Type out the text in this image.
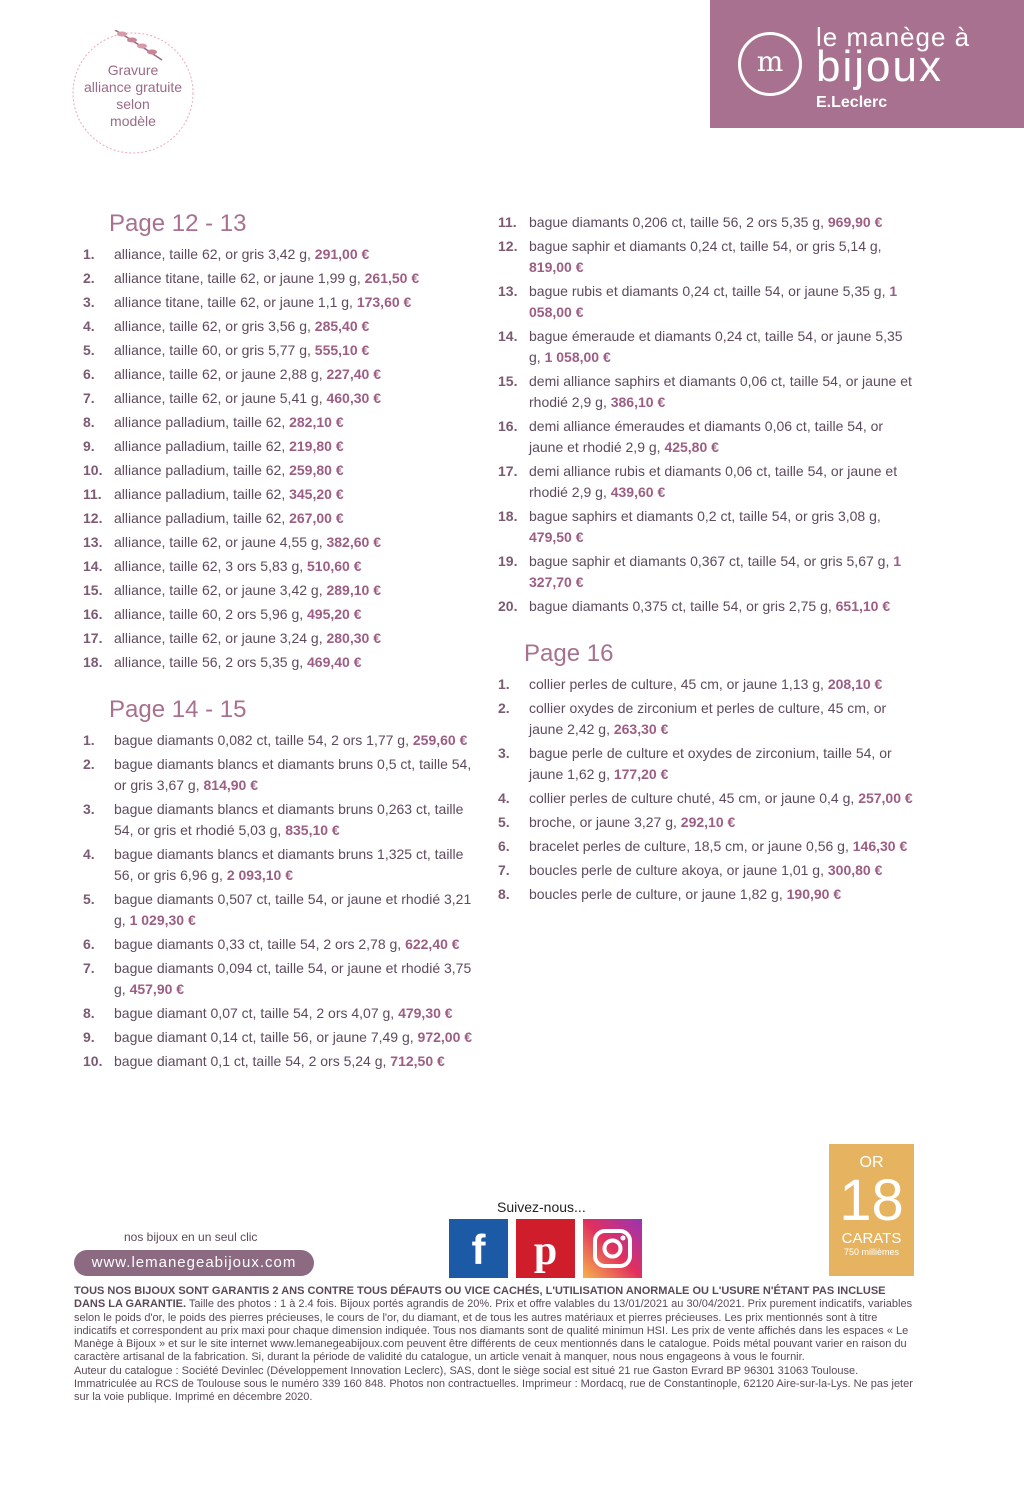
Gravure
alliance gratuite
selon
modèle
m
le manège à
bijoux
E.Leclerc
Page 12 - 13
1.	alliance, taille 62, or gris 3,42 g, 291,00 €
2.	alliance titane, taille 62, or jaune 1,99 g, 261,50 €
3.	alliance titane, taille 62, or jaune 1,1 g, 173,60 €
4.	alliance, taille 62, or gris 3,56 g, 285,40 €
5.	alliance, taille 60, or gris 5,77 g, 555,10 €
6.	alliance, taille 62, or jaune 2,88 g, 227,40 €
7.	alliance, taille 62, or jaune 5,41 g, 460,30 €
8.	alliance palladium, taille 62, 282,10 €
9.	alliance palladium, taille 62, 219,80 €
10. alliance palladium, taille 62, 259,80 €
11. alliance palladium, taille 62, 345,20 €
12. alliance palladium, taille 62, 267,00 €
13. alliance, taille 62, or jaune 4,55 g, 382,60 €
14. alliance, taille 62, 3 ors 5,83 g, 510,60 €
15. alliance, taille 62, or jaune 3,42 g, 289,10 €
16. alliance, taille 60, 2 ors 5,96 g, 495,20 €
17. alliance, taille 62, or jaune 3,24 g, 280,30 €
18. alliance, taille 56, 2 ors 5,35 g, 469,40 €
Page 14 - 15
1.	bague diamants 0,082 ct, taille 54, 2 ors 1,77 g, 259,60 €
2.	bague diamants blancs et diamants bruns 0,5 ct, taille 54, or gris 3,67 g, 814,90 €
3.	bague diamants blancs et diamants bruns 0,263 ct, taille 54, or gris et rhodié 5,03 g, 835,10 €
4.	bague diamants blancs et diamants bruns 1,325 ct, taille 56, or gris 6,96 g, 2 093,10 €
5.	bague diamants 0,507 ct, taille 54, or jaune et rhodié 3,21 g, 1 029,30 €
6.	bague diamants 0,33 ct, taille 54, 2 ors 2,78 g, 622,40 €
7.	bague diamants 0,094 ct, taille 54, or jaune et rhodié 3,75 g, 457,90 €
8.	bague diamant 0,07 ct, taille 54, 2 ors 4,07 g, 479,30 €
9.	bague diamant 0,14 ct, taille 56, or jaune 7,49 g, 972,00 €
10. bague diamant 0,1 ct, taille 54, 2 ors 5,24 g, 712,50 €
11. bague diamants 0,206 ct, taille 56, 2 ors 5,35 g, 969,90 €
12. bague saphir et diamants 0,24 ct, taille 54, or gris 5,14 g, 819,00 €
13. bague rubis et diamants 0,24 ct, taille 54, or jaune 5,35 g, 1 058,00 €
14. bague émeraude et diamants 0,24 ct, taille 54, or jaune 5,35 g, 1 058,00 €
15. demi alliance saphirs et diamants 0,06 ct, taille 54, or jaune et rhodié 2,9 g, 386,10 €
16. demi alliance émeraudes et diamants 0,06 ct, taille 54, or jaune et rhodié 2,9 g, 425,80 €
17. demi alliance rubis et diamants 0,06 ct, taille 54, or jaune et rhodié 2,9 g, 439,60 €
18. bague saphirs et diamants 0,2 ct, taille 54, or gris 3,08 g, 479,50 €
19. bague saphir et diamants 0,367 ct, taille 54, or gris 5,67 g, 1 327,70 €
20. bague diamants 0,375 ct, taille 54, or gris 2,75 g, 651,10 €
Page 16
1.	collier perles de culture, 45 cm, or jaune 1,13 g, 208,10 €
2.	collier oxydes de zirconium et perles de culture, 45 cm, or jaune 2,42 g, 263,30 €
3.	bague perle de culture et oxydes de zirconium, taille 54, or jaune 1,62 g, 177,20 €
4.	collier perles de culture chuté, 45 cm, or jaune 0,4 g, 257,00 €
5.	broche, or jaune 3,27 g, 292,10 €
6.	bracelet perles de culture, 18,5 cm, or jaune 0,56 g, 146,30 €
7.	boucles perle de culture akoya, or jaune 1,01 g, 300,80 €
8.	boucles perle de culture, or jaune 1,82 g, 190,90 €
nos bijoux en un seul clic
www.lemanegeabijoux.com
Suivez-nous...
f p
OR
18
CARATS
750 millièmes
TOUS NOS BIJOUX SONT GARANTIS 2 ANS CONTRE TOUS DÉFAUTS OU VICE CACHÉS, L'UTILISATION ANORMALE OU L'USURE N'ÉTANT PAS INCLUSE DANS LA GARANTIE. Taille des photos : 1 à 2.4 fois. Bijoux portés agrandis de 20%. Prix et offre valables du 13/01/2021 au 30/04/2021. Prix purement indicatifs, variables selon le poids d'or, le poids des pierres précieuses, le cours de l'or, du diamant, et de tous les autres matériaux et pierres précieuses. Les prix mentionnés sont à titre indicatifs et correspondent au prix maxi pour chaque dimension indiquée. Tous nos diamants sont de qualité minimun HSI. Les prix de vente affichés dans les espaces « Le Manège à Bijoux » et sur le site internet www.lemanegeabijoux.com peuvent être différents de ceux mentionnés dans le catalogue. Poids métal pouvant varier en raison du caractère artisanal de la fabrication. Si, durant la période de validité du catalogue, un article venait à manquer, nous nous engageons à vous le fournir.
Auteur du catalogue : Société Devinlec (Développement Innovation Leclerc), SAS, dont le siège social est situé 21 rue Gaston Evrard BP 96301 31063 Toulouse. Immatriculée au RCS de Toulouse sous le numéro 339 160 848. Photos non contractuelles. Imprimeur : Mordacq, rue de Constantinople, 62120 Aire-sur-la-Lys. Ne pas jeter sur la voie publique. Imprimé en décembre 2020.
